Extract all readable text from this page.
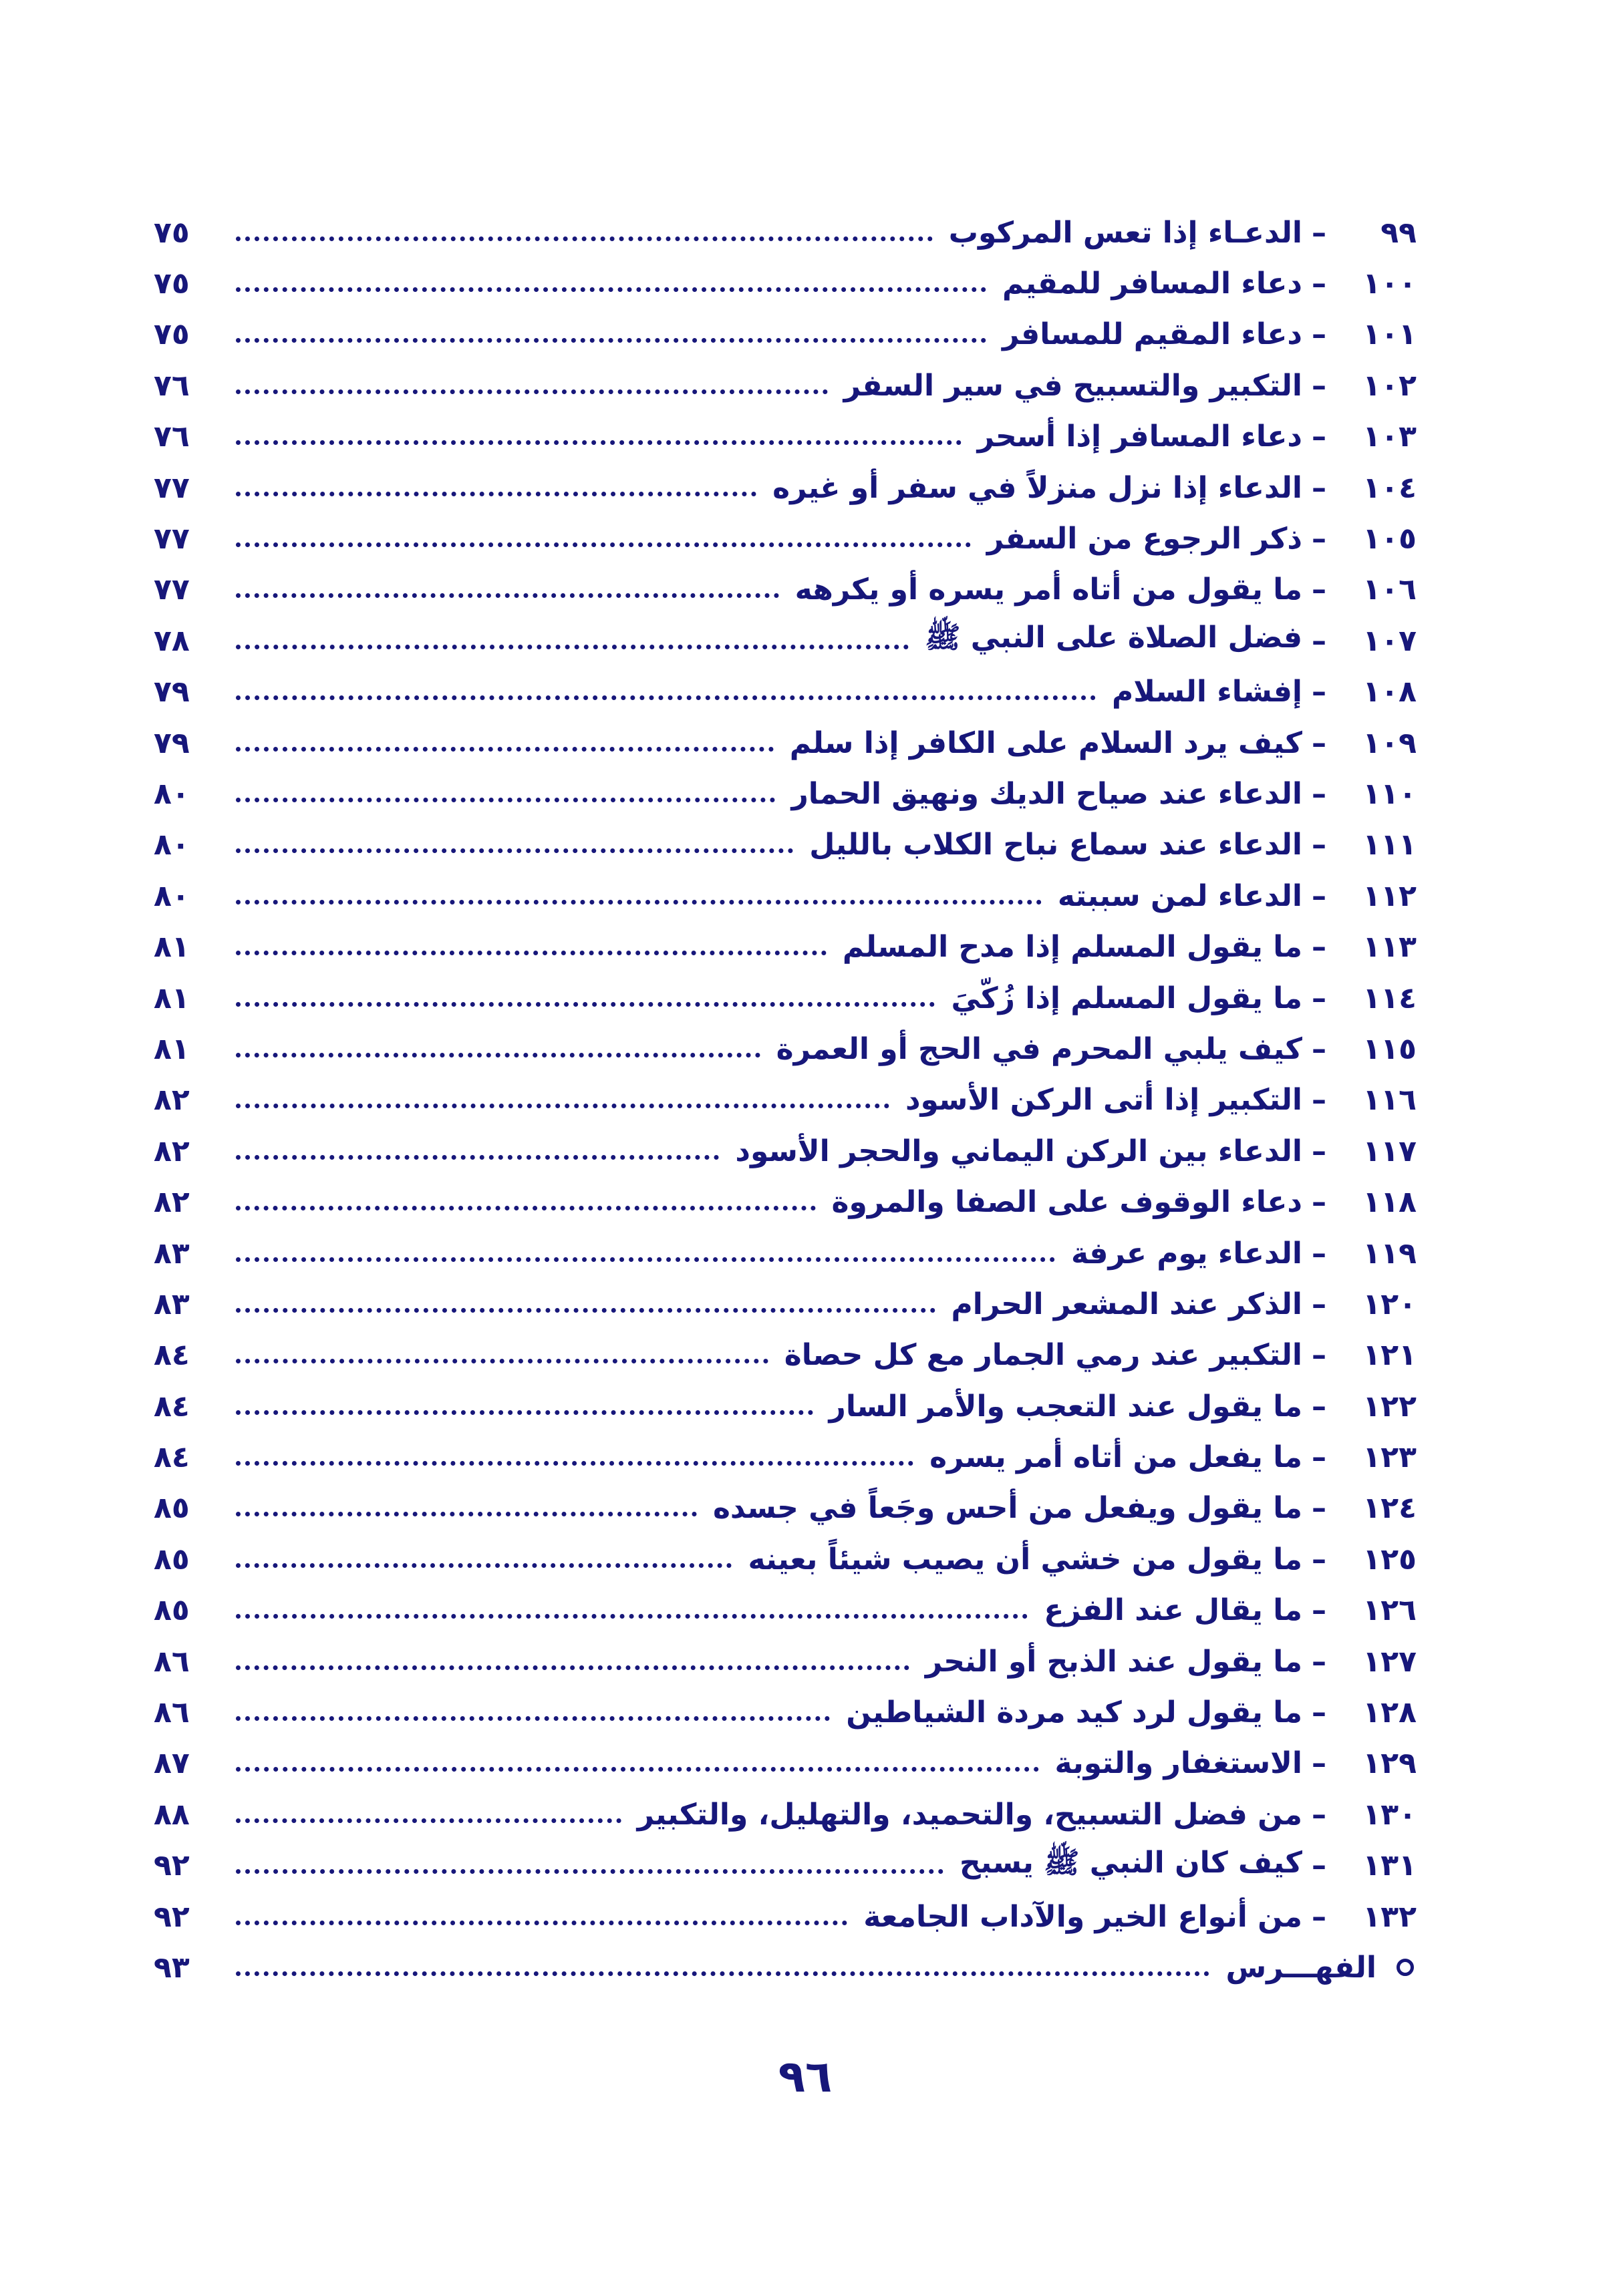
٩٩
–
الدعـاء إذا تعس المركوب
٧٥
١٠٠
–
دعاء المسافر للمقيم
٧٥
١٠١
–
دعاء المقيم للمسافر
٧٥
١٠٢
–
التكبير والتسبيح في سير السفر
٧٦
١٠٣
–
دعاء المسافر إذا أسحر
٧٦
١٠٤
–
الدعاء إذا نزل منزلاً في سفر أو غيره
٧٧
١٠٥
–
ذكر الرجوع من السفر
٧٧
١٠٦
–
ما يقول من أتاه أمر يسره أو يكرهه
٧٧
١٠٧
–
فضل الصلاة على النبي ﷺ
٧٨
١٠٨
–
إفشاء السلام
٧٩
١٠٩
–
كيف يرد السلام على الكافر إذا سلم
٧٩
١١٠
–
الدعاء عند صياح الديك ونهيق الحمار
٨٠
١١١
–
الدعاء عند سماع نباح الكلاب بالليل
٨٠
١١٢
–
الدعاء لمن سببته
٨٠
١١٣
–
ما يقول المسلم إذا مدح المسلم
٨١
١١٤
–
ما يقول المسلم إذا زُكّيَ
٨١
١١٥
–
كيف يلبي المحرم في الحج أو العمرة
٨١
١١٦
–
التكبير إذا أتى الركن الأسود
٨٢
١١٧
–
الدعاء بين الركن اليماني والحجر الأسود
٨٢
١١٨
–
دعاء الوقوف على الصفا والمروة
٨٢
١١٩
–
الدعاء يوم عرفة
٨٣
١٢٠
–
الذكر عند المشعر الحرام
٨٣
١٢١
–
التكبير عند رمي الجمار مع كل حصاة
٨٤
١٢٢
–
ما يقول عند التعجب والأمر السار
٨٤
١٢٣
–
ما يفعل من أتاه أمر يسره
٨٤
١٢٤
–
ما يقول ويفعل من أحس وجَعاً في جسده
٨٥
١٢٥
–
ما يقول من خشي أن يصيب شيئاً بعينه
٨٥
١٢٦
–
ما يقال عند الفزع
٨٥
١٢٧
–
ما يقول عند الذبح أو النحر
٨٦
١٢٨
–
ما يقول لرد كيد مردة الشياطين
٨٦
١٢٩
–
الاستغفار والتوبة
٨٧
١٣٠
–
من فضل التسبيح، والتحميد، والتهليل، والتكبير
٨٨
١٣١
–
كيف كان النبي ﷺ يسبح
٩٢
١٣٢
–
من أنواع الخير والآداب الجامعة
٩٢
الفهـــرس
٩٣
٩٦
